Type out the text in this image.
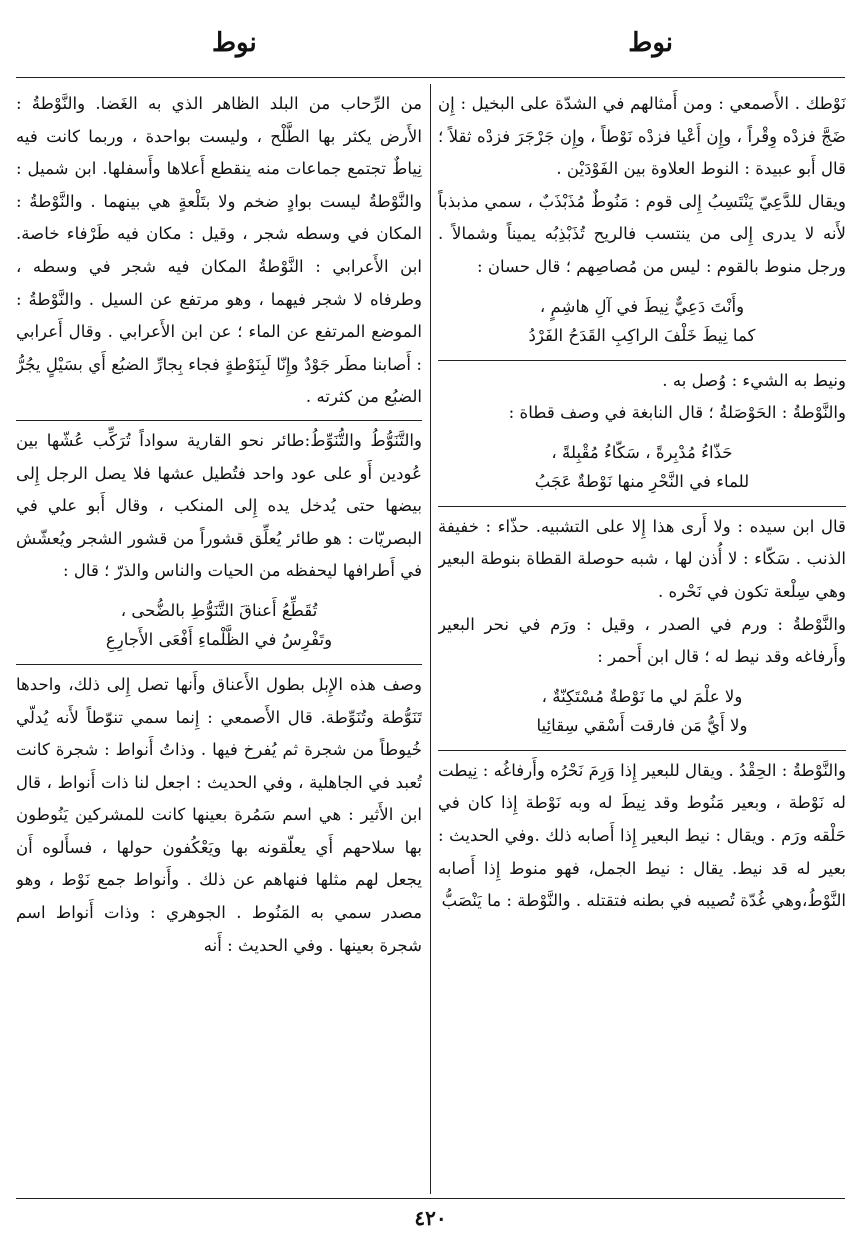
نوط
نوط

نَوْطك . الأَصمعي : ومن أَمثالهم في الشدّة على البخيل : إِن ضَجَّ فزدْه وِقْراً ، وإِن أَعْيا فزدْه نَوْطاً ، وإِن جَرْجَرَ فزدْه ثقلاً ؛ قال أَبو عبيدة : النوط العلاوة بين الفَوْدَيْن .

ويقال للدَّعِيّ يَنْتَسِبُ إِلى قوم : مَنُوطٌ مُذَبْذَبٌ ، سمي مذبذباً لأَنه لا يدرى إِلى من ينتسب فالريح تُذَبْذِبُه يميناً وشمالاً . ورجل منوط بالقوم : ليس من مُصاصِهم ؛ قال حسان :

وأَنْتَ دَعِيٌّ نِيطَ في آلِ هاشِمٍ ،
كما نِيطَ خَلْفَ الراكِبِ القَدَحُ الفَرْدُ

ونيط به الشيء : وُصل به .

والنَّوْطةُ : الحَوْصَلةُ ؛ قال النابغة في وصف قطاة :

حَذّاءُ مُدْبِرةً ، سَكّاءُ مُقْبِلةً ،
للماء في النَّحْرِ منها نَوْطةٌ عَجَبُ

قال ابن سيده : ولا أَرى هذا إِلا على التشبيه. حذّاء : خفيفة الذنب . سَكّاء : لا أُذن لها ، شبه حوصلة القطاة بنوطة البعير وهي سِلْعة تكون في نَحْره .

والنَّوْطةُ : ورم في الصدر ، وقيل : ورَم في نحر البعير وأَرفاغه وقد نيط له ؛ قال ابن أَحمر :

ولا علْمَ لي ما نَوْطةٌ مُسْتَكِنّةٌ ،
ولا أَيُّ مَن فارقت أَسْقي سِقائِيا

والنَّوْطةُ : الحِقْدُ . ويقال للبعير إِذا وَرِمَ نَحْرُه وأَرفاغُه : نِيطت له نَوْطة ، وبعير مَنُوط وقد نِيطَ له وبه نَوْطة إِذا كان في حَلْقه ورَم . ويقال : نيط البعير إِذا أَصابه ذلك .وفي الحديث : بعير له قد نيط. يقال : نيط الجمل، فهو منوط إِذا أَصابه النَّوْطُ،وهي غُدّة تُصيبه في بطنه فتقتله . والنَّوْطة : ما يَنْصَبُّ

من الرِّحاب من البلد الظاهر الذي به الغَضا. والنَّوْطةُ : الأَرض يكثر بها الطَّلْح ، وليست بواحدة ، وربما كانت فيه نِياطٌ تجتمع جماعات منه ينقطع أَعلاها وأَسفلها. ابن شميل : والنَّوْطةُ ليست بوادٍ ضخم ولا بتَلْعةٍ هي بينهما . والنَّوْطةُ : المكان في وسطه شجر ، وقيل : مكان فيه طَرْفاء خاصة. ابن الأَعرابي : النَّوْطةُ المكان فيه شجر في وسطه ، وطرفاه لا شجر فيهما ، وهو مرتفع عن السيل . والنَّوْطةُ : الموضع المرتفع عن الماء ؛ عن ابن الأَعرابي . وقال أَعرابي : أَصابنا مطَر جَوْدٌ وإِنّا لَبِنَوْطةٍ فجاء بِجارِّ الضبُع أَي بسَيْلٍ يجُرُّ الضبُع من كثرته .

والتَّنَوُّطُ والتُّنَوِّطُ:طائر نحو القارية سواداً تُرَكِّب عُشّها بين عُودين أَو على عود واحد فتُطيل عشها فلا يصل الرجل إِلى بيضها حتى يُدخل يده إِلى المنكب ، وقال أَبو علي في البصريّات : هو طائر يُعلِّق قشوراً من قشور الشجر ويُعشّش في أَطرافها ليحفظه من الحيات والناس والذرّ ؛ قال :

تُقَطِّعُ أَعناقَ التَّنَوُّطِ بالضُّحى ،
وتَفْرِسُ في الظَّلْماءِ أَفْعَى الأَجارِعِ

وصف هذه الإِبل بطول الأَعناق وأَنها تصل إِلى ذلك، واحدها تَنَوُّطة وتُنَوِّطة. قال الأَصمعي : إِنما سمي تنوّطاً لأَنه يُدلّي خُيوطاً من شجرة ثم يُفرخ فيها . وذاتُ أَنواط : شجرة كانت تُعبد في الجاهلية ، وفي الحديث : اجعل لنا ذات أَنواط ، قال ابن الأَثير : هي اسم سَمُرة بعينها كانت للمشركين يَنُوطون بها سلاحهم أَي يعلّقونه بها ويَعْكُفون حولها ، فسأَلوه أَن يجعل لهم مثلها فنهاهم عن ذلك . وأَنواط جمع نَوْط ، وهو مصدر سمي به المَنُوط . الجوهري : وذات أَنواط اسم شجرة بعينها . وفي الحديث : أَنه

٤٢٠
